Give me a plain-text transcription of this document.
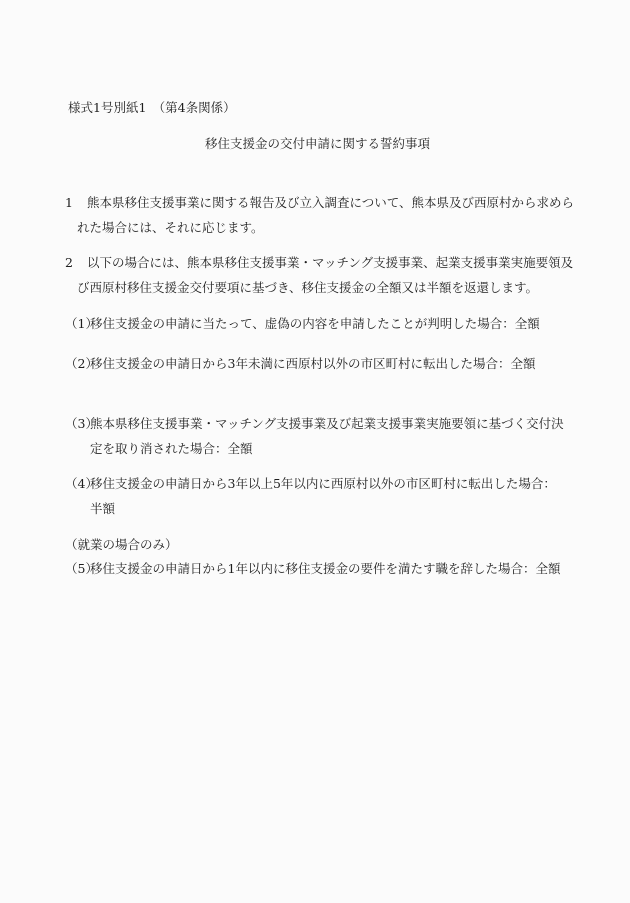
様式1号別紙1　（第4条関係）
移住支援金の交付申請に関する誓約事項
1 熊本県移住支援事業に関する報告及び立入調査について、熊本県及び西原村から求めら
れた場合には、それに応じます。
2 以下の場合には、熊本県移住支援事業・マッチング支援事業、起業支援事業実施要領及
び西原村移住支援金交付要項に基づき、移住支援金の全額又は半額を返還します。
（1）
移住支援金の申請に当たって、虚偽の内容を申請したことが判明した場合：全額
（2）
移住支援金の申請日から3年未満に西原村以外の市区町村に転出した場合：全額
（3）
熊本県移住支援事業・マッチング支援事業及び起業支援事業実施要領に基づく交付決
定を取り消された場合：全額
（4）
移住支援金の申請日から3年以上5年以内に西原村以外の市区町村に転出した場合：
半額
（就業の場合のみ）
（5）
移住支援金の申請日から1年以内に移住支援金の要件を満たす職を辞した場合：全額
